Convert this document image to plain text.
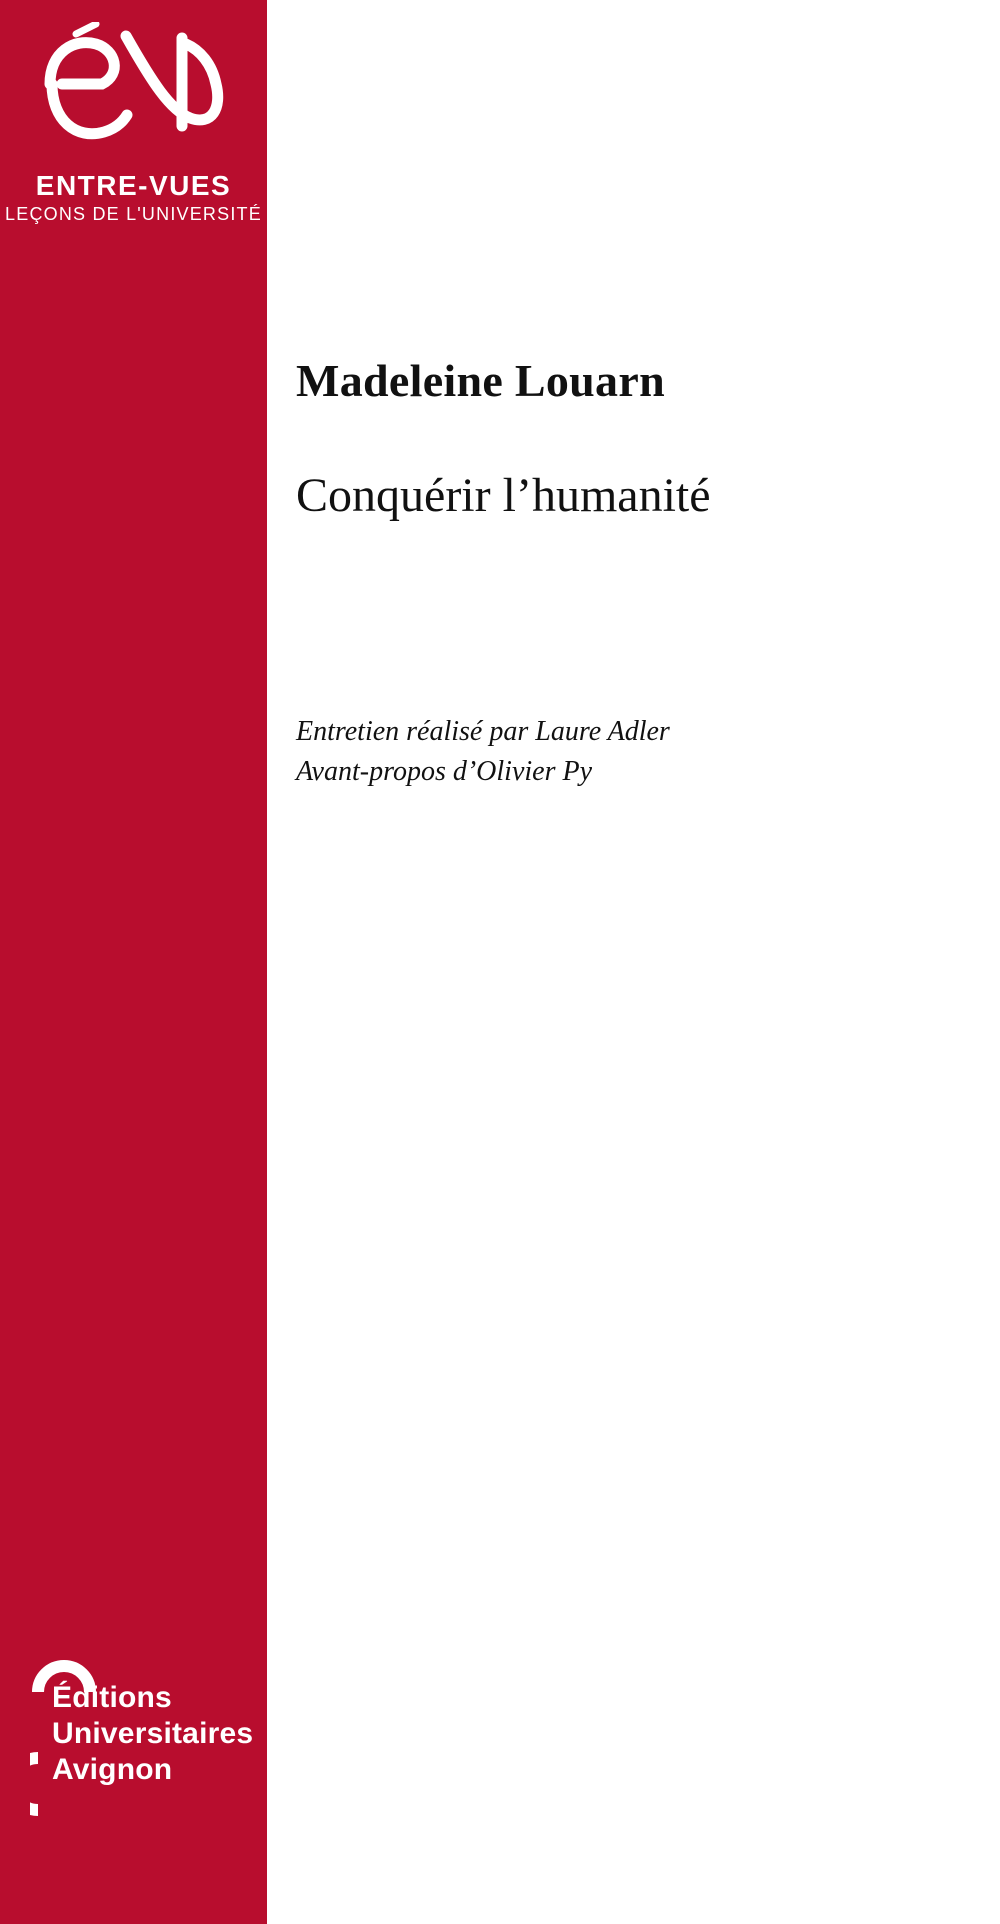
ENTRE-VUES
LEÇONS DE L'UNIVERSITÉ
Madeleine Louarn
Conquérir l’humanité
Entretien réalisé par Laure Adler
Avant-propos d’Olivier Py
Éditions
Universitaires
Avignon
